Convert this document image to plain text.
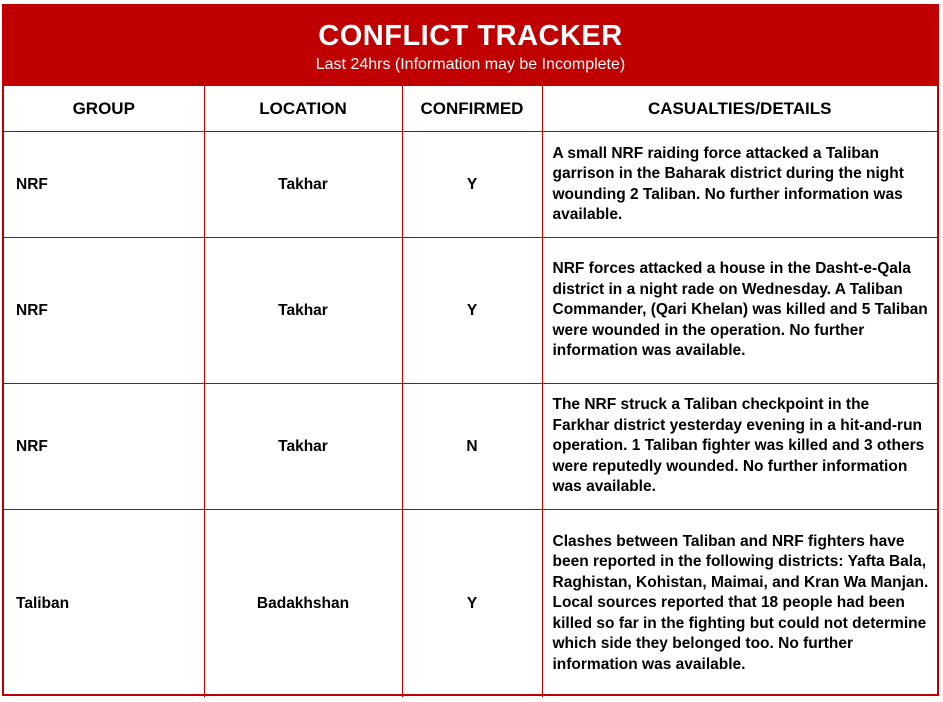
CONFLICT TRACKER
Last 24hrs (Information may be Incomplete)
GROUP	LOCATION	CONFIRMED	CASUALTIES/DETAILS
NRF	Takhar	Y	A small NRF raiding force attacked a Taliban garrison in the Baharak district during the night wounding 2 Taliban. No further information was available.
NRF	Takhar	Y	NRF forces attacked a house in the Dasht-e-Qala district in a night rade on Wednesday. A Taliban Commander, (Qari Khelan) was killed and 5 Taliban were wounded in the operation. No further information was available.
NRF	Takhar	N	The NRF struck a Taliban checkpoint in the Farkhar district yesterday evening in a hit-and-run operation. 1 Taliban fighter was killed and 3 others were reputedly wounded. No further information was available.
Taliban	Badakhshan	Y	Clashes between Taliban and NRF fighters have been reported in the following districts: Yafta Bala, Raghistan, Kohistan, Maimai, and Kran Wa Manjan. Local sources reported that 18 people had been killed so far in the fighting but could not determine which side they belonged too. No further information was available.
